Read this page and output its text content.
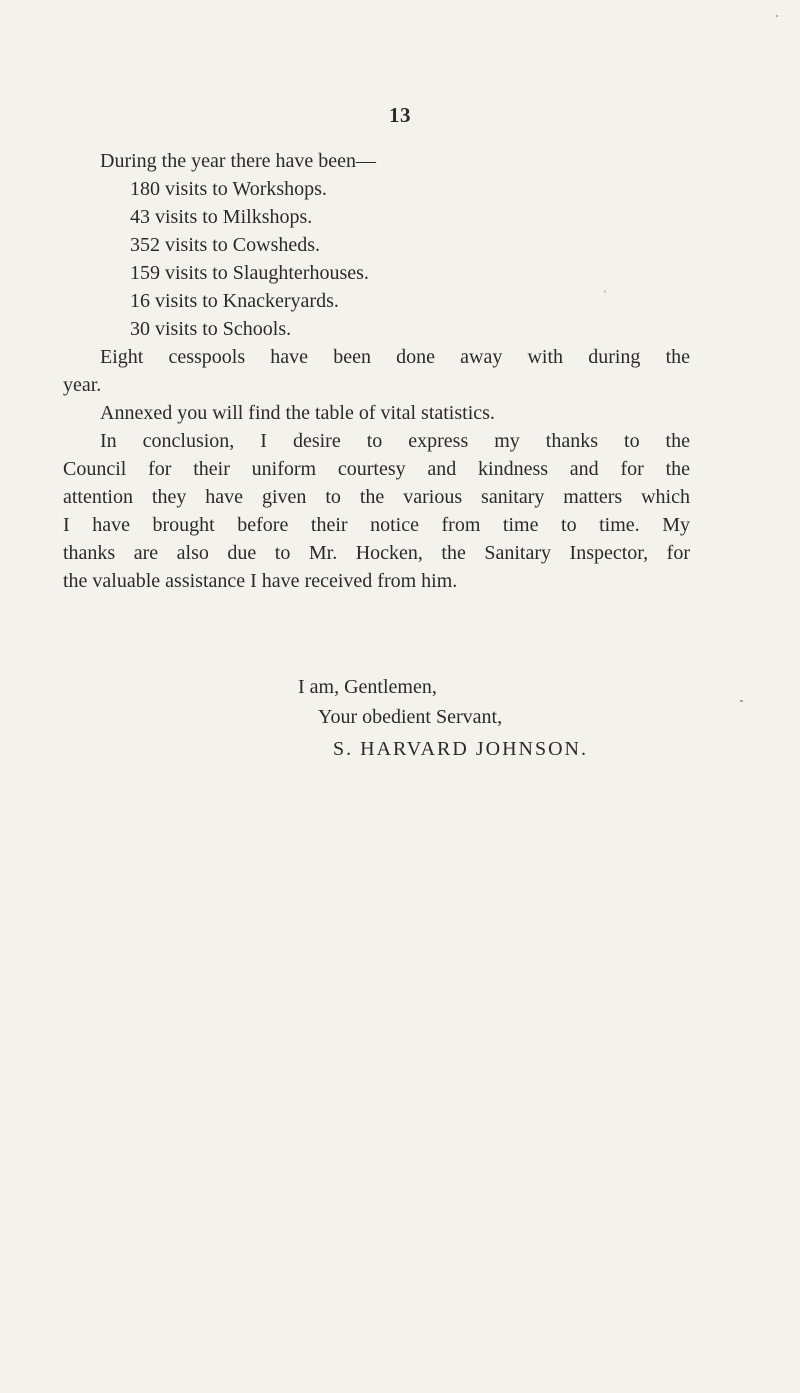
13
During the year there have been—
180 visits to Workshops.
43 visits to Milkshops.
352 visits to Cowsheds.
159 visits to Slaughterhouses.
16 visits to Knackeryards.
30 visits to Schools.
Eight cesspools have been done away with during the
year.
Annexed you will find the table of vital statistics.
In conclusion, I desire to express my thanks to the
Council for their uniform courtesy and kindness and for the
attention they have given to the various sanitary matters which
I have brought before their notice from time to time. My
thanks are also due to Mr. Hocken, the Sanitary Inspector, for
the valuable assistance I have received from him.
I am, Gentlemen,
Your obedient Servant,
S. HARVARD JOHNSON.
